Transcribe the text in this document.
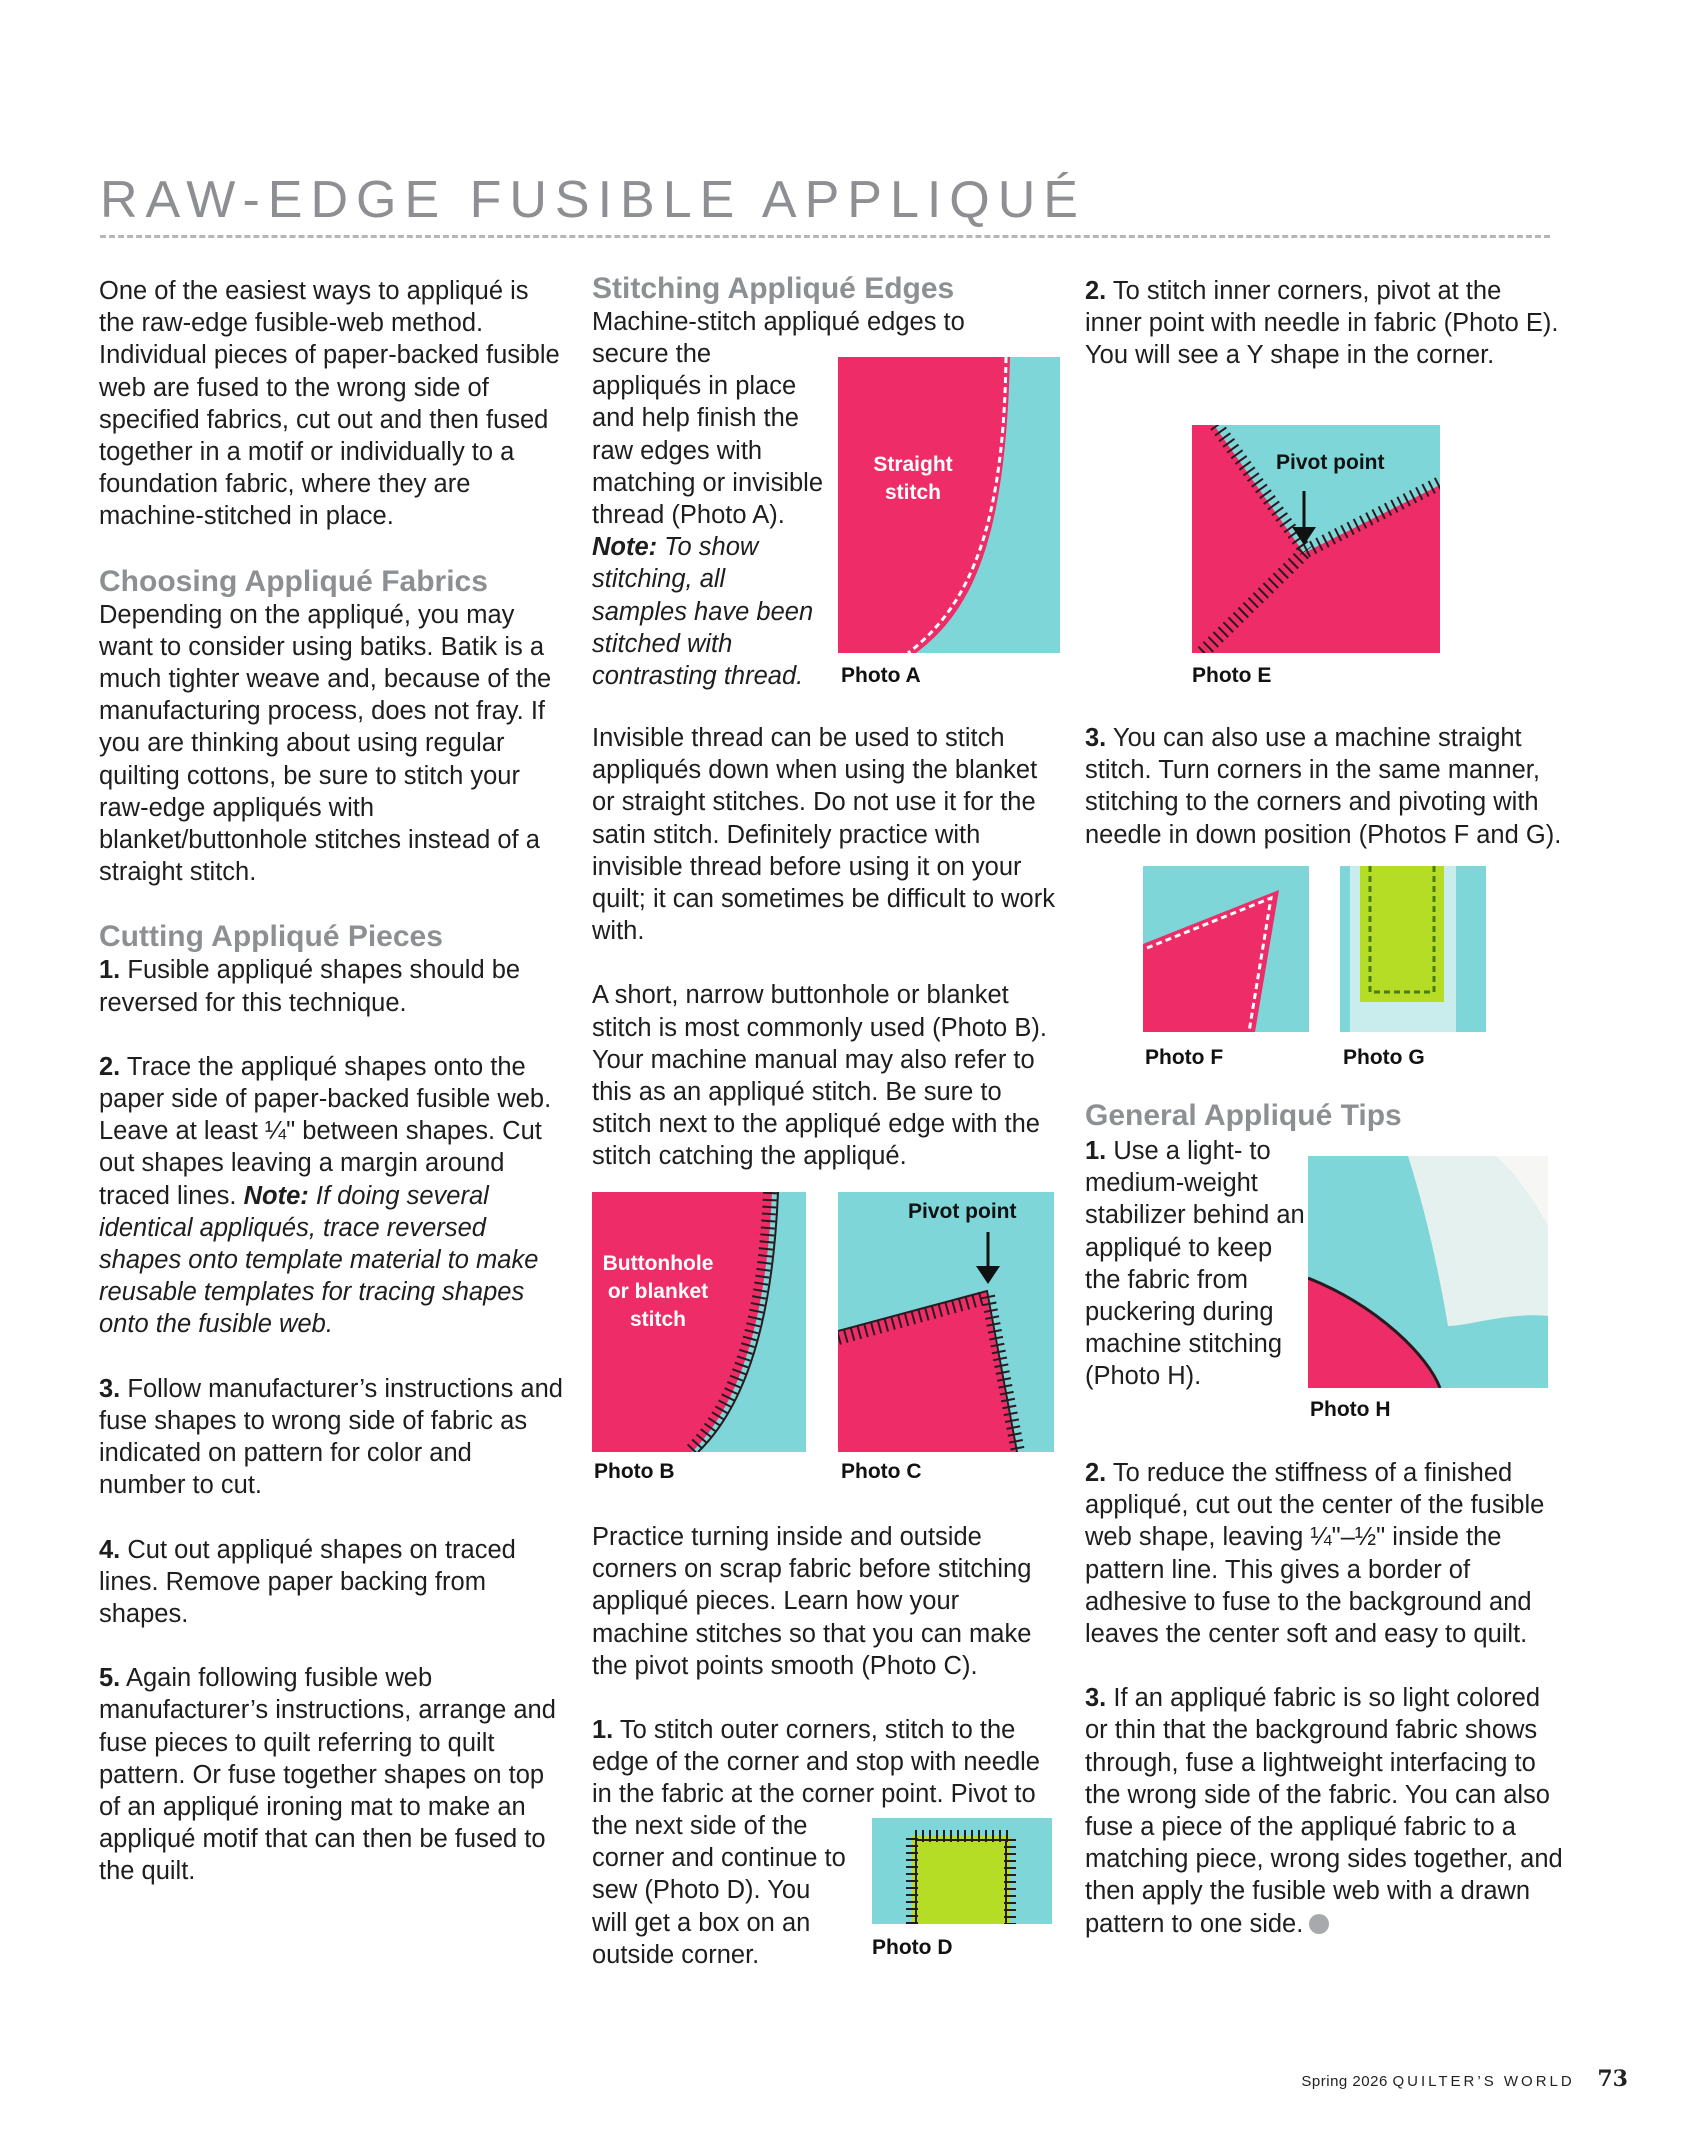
RAW-EDGE FUSIBLE APPLIQUÉ

One of the easiest ways to appliqué is the raw-edge fusible-web method. Individual pieces of paper-backed fusible web are fused to the wrong side of specified fabrics, cut out and then fused together in a motif or individually to a foundation fabric, where they are machine-stitched in place.

Choosing Appliqué Fabrics

Depending on the appliqué, you may want to consider using batiks. Batik is a much tighter weave and, because of the manufacturing process, does not fray. If you are thinking about using regular quilting cottons, be sure to stitch your raw-edge appliqués with blanket/buttonhole stitches instead of a straight stitch.

Cutting Appliqué Pieces

1. Fusible appliqué shapes should be reversed for this technique.

2. Trace the appliqué shapes onto the paper side of paper-backed fusible web. Leave at least ¼" between shapes. Cut out shapes leaving a margin around traced lines. Note: If doing several identical appliqués, trace reversed shapes onto template material to make reusable templates for tracing shapes onto the fusible web.

3. Follow manufacturer’s instructions and fuse shapes to wrong side of fabric as indicated on pattern for color and number to cut.

4. Cut out appliqué shapes on traced lines. Remove paper backing from shapes.

5. Again following fusible web manufacturer’s instructions, arrange and fuse pieces to quilt referring to quilt pattern. Or fuse together shapes on top of an appliqué ironing mat to make an appliqué motif that can then be fused to the quilt.

Stitching Appliqué Edges

Machine-stitch appliqué edges to

secure the appliqués in place and help finish the raw edges with matching or invisible thread (Photo A). Note: To show stitching, all samples have been stitched with contrasting thread.

Invisible thread can be used to stitch appliqués down when using the blanket or straight stitches. Do not use it for the satin stitch. Definitely practice with invisible thread before using it on your quilt; it can sometimes be difficult to work with.

A short, narrow buttonhole or blanket stitch is most commonly used (Photo B). Your machine manual may also refer to this as an appliqué stitch. Be sure to stitch next to the appliqué edge with the stitch catching the appliqué.

Practice turning inside and outside corners on scrap fabric before stitching appliqué pieces. Learn how your machine stitches so that you can make the pivot points smooth (Photo C).

1. To stitch outer corners, stitch to the edge of the corner and stop with needle in the fabric at the corner point. Pivot to

the next side of the corner and continue to sew (Photo D). You will get a box on an outside corner.

2. To stitch inner corners, pivot at the inner point with needle in fabric (Photo E). You will see a Y shape in the corner.

3. You can also use a machine straight stitch. Turn corners in the same manner, stitching to the corners and pivoting with needle in down position (Photos F and G).

General Appliqué Tips

1. Use a light- to medium-weight stabilizer behind an appliqué to keep the fabric from puckering during machine stitching (Photo H).

2. To reduce the stiffness of a finished appliqué, cut out the center of the fusible web shape, leaving ¼"–½" inside the pattern line. This gives a border of adhesive to fuse to the background and leaves the center soft and easy to quilt.

3. If an appliqué fabric is so light colored or thin that the background fabric shows through, fuse a lightweight interfacing to the wrong side of the fabric. You can also fuse a piece of the appliqué fabric to a matching piece, wrong sides together, and then apply the fusible web with a drawn pattern to one side.

Straight stitch
Photo A
Buttonhole or blanket stitch
Photo B
Pivot point
Photo C
Photo D
Pivot point
Photo E
Photo F	Photo G
Photo H
Spring 2026 QUILTER’S WORLD 73
